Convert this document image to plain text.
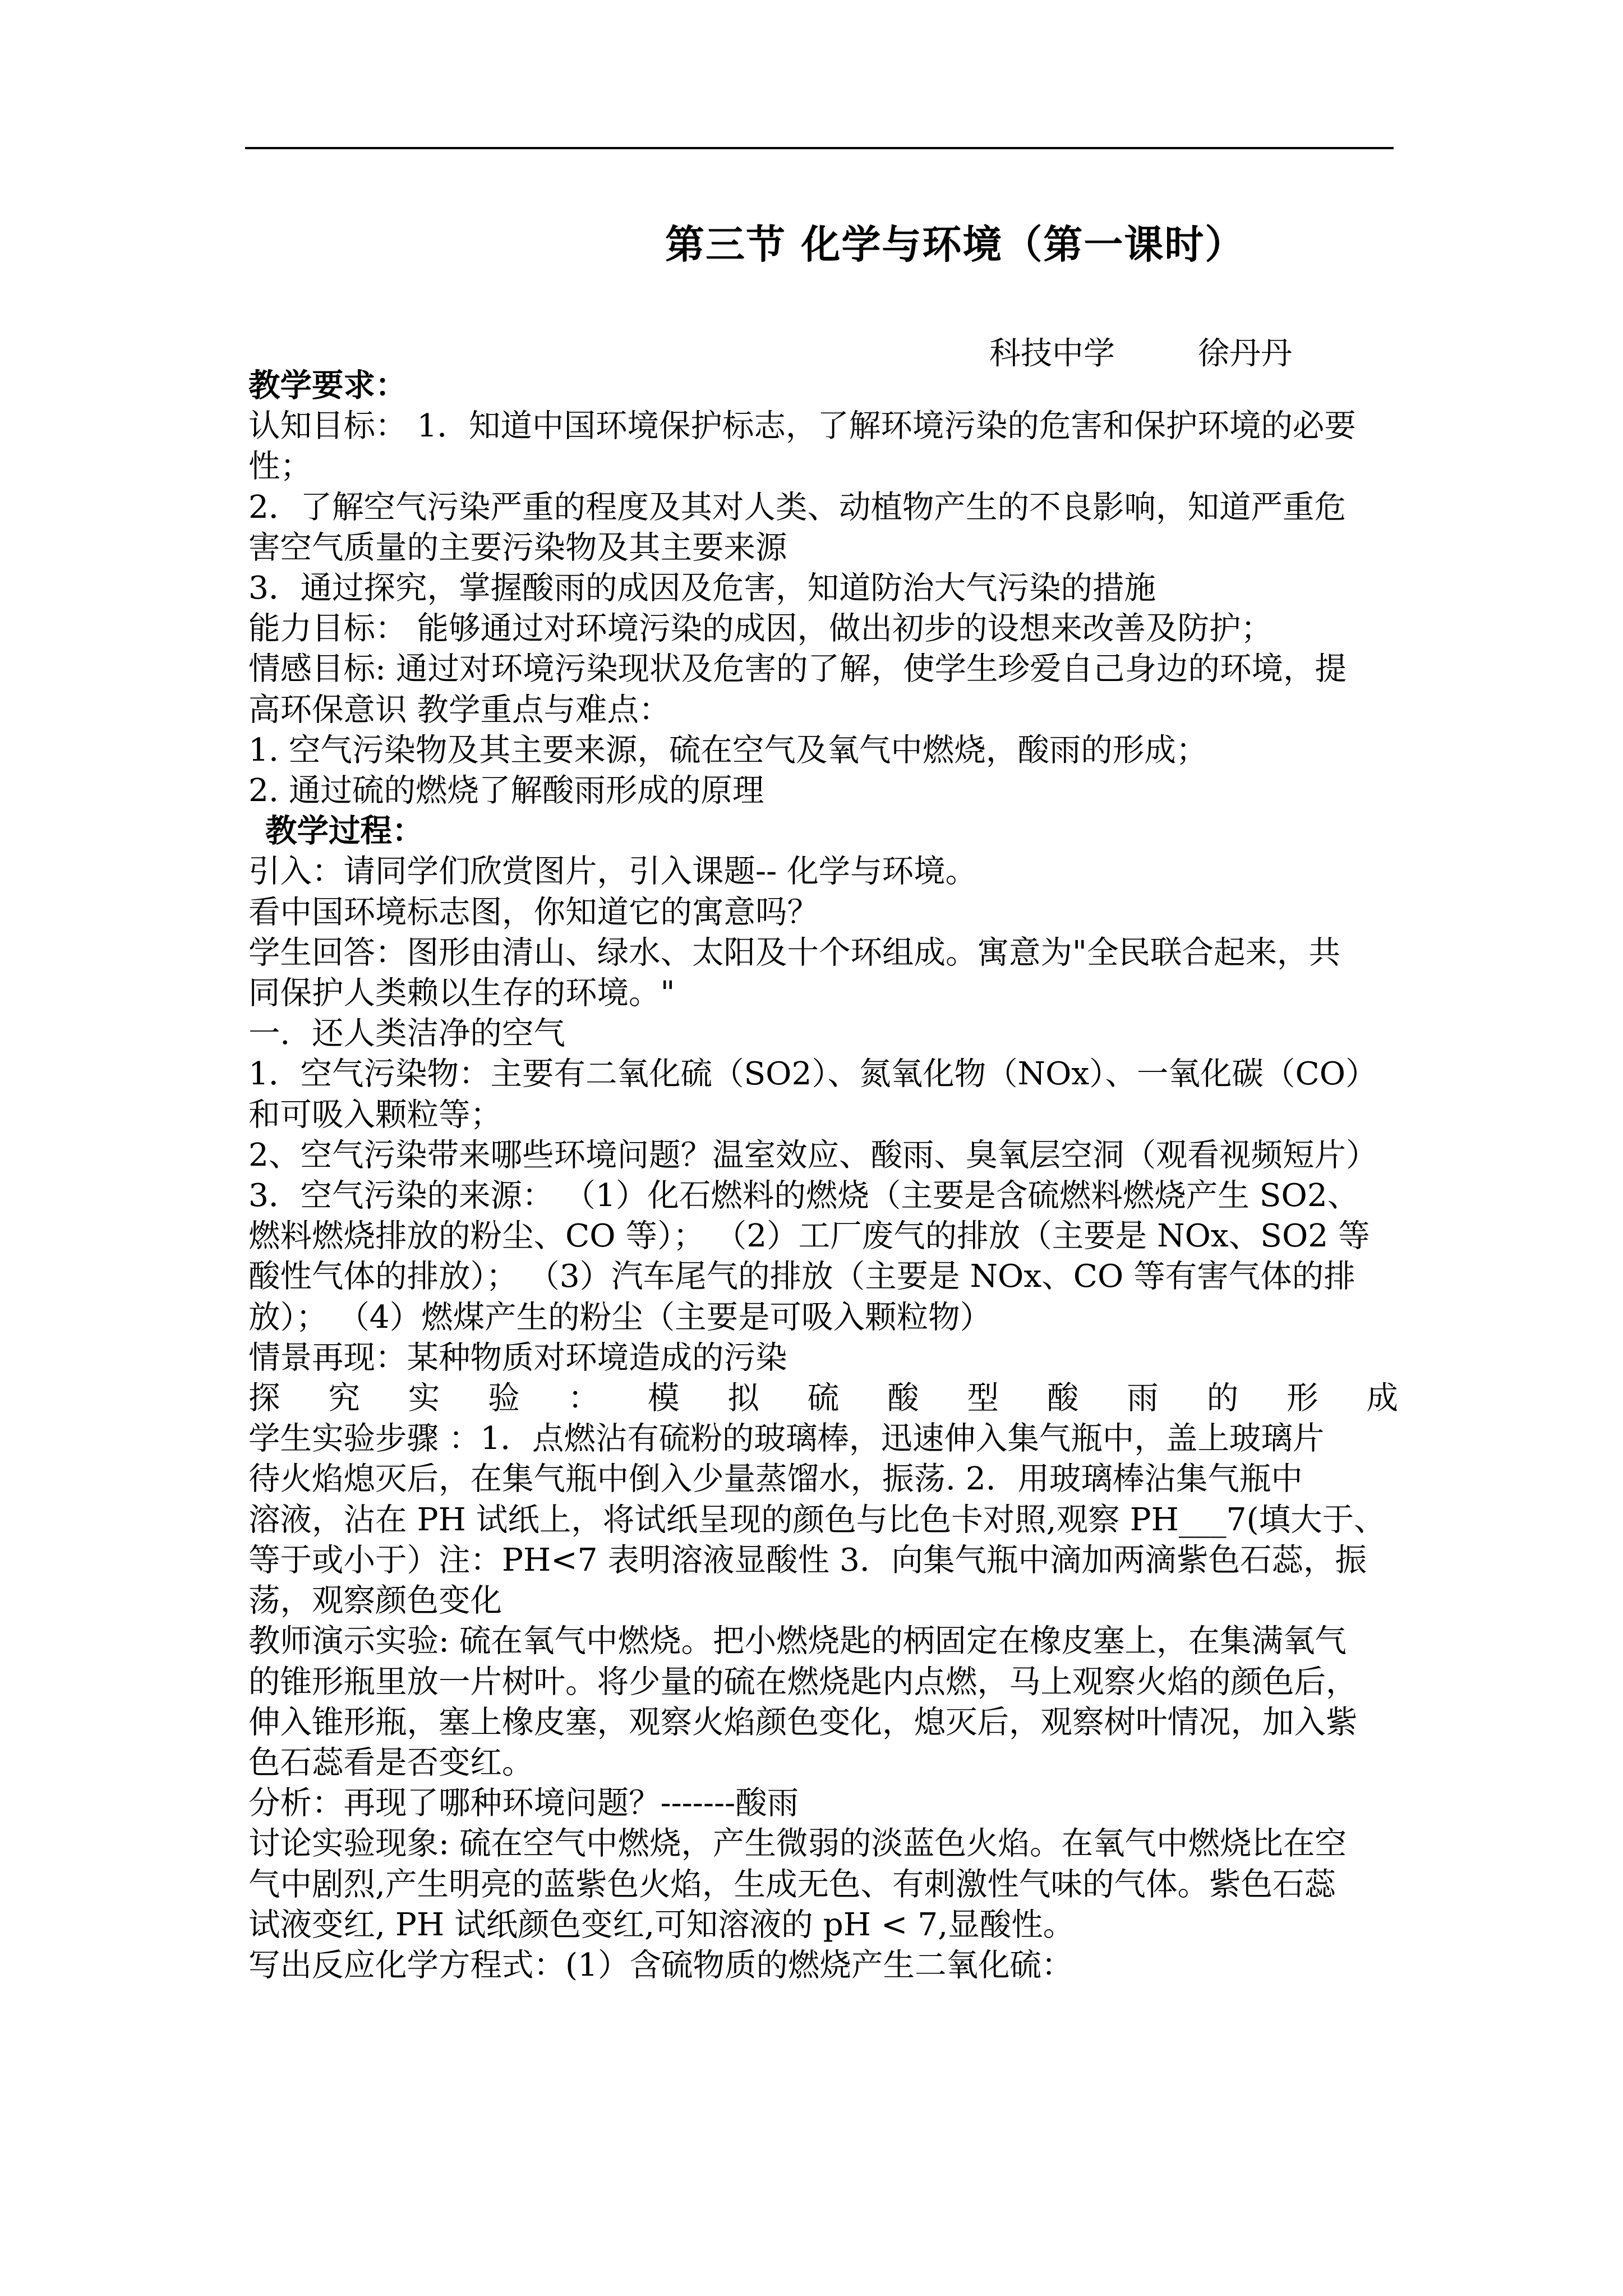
第三节 化学与环境（第一课时）
科技中学	徐丹丹

教学要求：

认知目标： 1．知道中国环境保护标志，了解环境污染的危害和保护环境的必要

性；

2．了解空气污染严重的程度及其对人类、动植物产生的不良影响，知道严重危

害空气质量的主要污染物及其主要来源

3．通过探究，掌握酸雨的成因及危害，知道防治大气污染的措施

能力目标： 能够通过对环境污染的成因，做出初步的设想来改善及防护；

情感目标: 通过对环境污染现状及危害的了解，使学生珍爱自己身边的环境，提

高环保意识 教学重点与难点：

1. 空气污染物及其主要来源，硫在空气及氧气中燃烧，酸雨的形成；

2. 通过硫的燃烧了解酸雨形成的原理

教学过程：

引入：请同学们欣赏图片，引入课题-- 化学与环境。

看中国环境标志图，你知道它的寓意吗？

学生回答：图形由清山、绿水、太阳及十个环组成。寓意为"全民联合起来，共

同保护人类赖以生存的环境。"

一．还人类洁净的空气

1．空气污染物：主要有二氧化硫（SO2）、氮氧化物（NOx）、一氧化碳（CO）

和可吸入颗粒等；

2、空气污染带来哪些环境问题？温室效应、酸雨、臭氧层空洞（观看视频短片）

3．空气污染的来源： （1）化石燃料的燃烧（主要是含硫燃料燃烧产生 SO2、

燃料燃烧排放的粉尘、CO 等）； （2）工厂废气的排放（主要是 NOx、SO2 等

酸性气体的排放）； （3）汽车尾气的排放（主要是 NOx、CO 等有害气体的排

放）； （4）燃煤产生的粉尘（主要是可吸入颗粒物）

情景再现：某种物质对环境造成的污染

探 究 实 验 ： 模 拟 硫 酸 型 酸 雨 的 形 成

学生实验步骤 ：1．点燃沾有硫粉的玻璃棒，迅速伸入集气瓶中，盖上玻璃片

待火焰熄灭后，在集气瓶中倒入少量蒸馏水，振荡. 2．用玻璃棒沾集气瓶中

溶液，沾在 PH 试纸上，将试纸呈现的颜色与比色卡对照,观察 PH___7(填大于、

等于或小于）注：PH<7 表明溶液显酸性 3．向集气瓶中滴加两滴紫色石蕊，振

荡，观察颜色变化

教师演示实验: 硫在氧气中燃烧。把小燃烧匙的柄固定在橡皮塞上，在集满氧气

的锥形瓶里放一片树叶。将少量的硫在燃烧匙内点燃，马上观察火焰的颜色后，

伸入锥形瓶，塞上橡皮塞，观察火焰颜色变化，熄灭后，观察树叶情况，加入紫

色石蕊看是否变红。

分析：再现了哪种环境问题？-------酸雨

讨论实验现象: 硫在空气中燃烧，产生微弱的淡蓝色火焰。在氧气中燃烧比在空

气中剧烈,产生明亮的蓝紫色火焰，生成无色、有刺激性气味的气体。紫色石蕊

试液变红, PH 试纸颜色变红,可知溶液的 pH < 7,显酸性。

写出反应化学方程式：(1）含硫物质的燃烧产生二氧化硫：
